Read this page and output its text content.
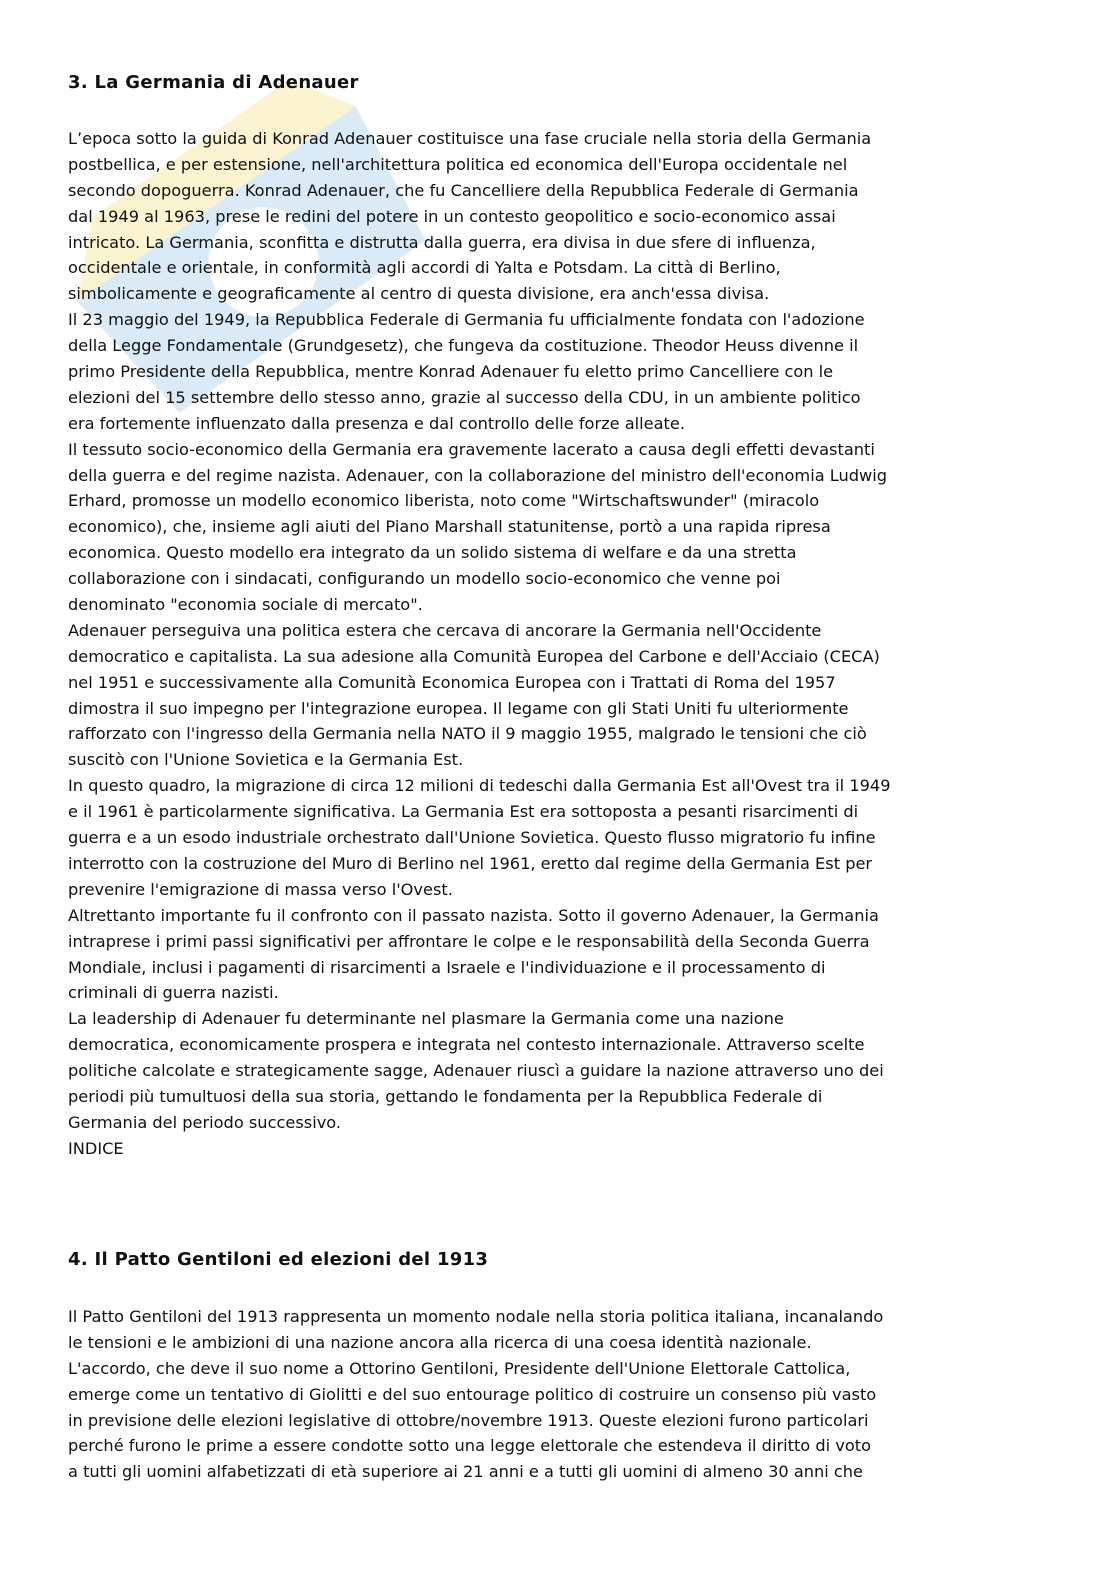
3. La Germania di Adenauer
L’epoca sotto la guida di Konrad Adenauer costituisce una fase cruciale nella storia della Germania
postbellica, e per estensione, nell'architettura politica ed economica dell'Europa occidentale nel
secondo dopoguerra. Konrad Adenauer, che fu Cancelliere della Repubblica Federale di Germania
dal 1949 al 1963, prese le redini del potere in un contesto geopolitico e socio-economico assai
intricato. La Germania, sconfitta e distrutta dalla guerra, era divisa in due sfere di influenza,
occidentale e orientale, in conformità agli accordi di Yalta e Potsdam. La città di Berlino,
simbolicamente e geograficamente al centro di questa divisione, era anch'essa divisa.
Il 23 maggio del 1949, la Repubblica Federale di Germania fu ufficialmente fondata con l'adozione
della Legge Fondamentale (Grundgesetz), che fungeva da costituzione. Theodor Heuss divenne il
primo Presidente della Repubblica, mentre Konrad Adenauer fu eletto primo Cancelliere con le
elezioni del 15 settembre dello stesso anno, grazie al successo della CDU, in un ambiente politico
era fortemente influenzato dalla presenza e dal controllo delle forze alleate.
Il tessuto socio-economico della Germania era gravemente lacerato a causa degli effetti devastanti
della guerra e del regime nazista. Adenauer, con la collaborazione del ministro dell'economia Ludwig
Erhard, promosse un modello economico liberista, noto come "Wirtschaftswunder" (miracolo
economico), che, insieme agli aiuti del Piano Marshall statunitense, portò a una rapida ripresa
economica. Questo modello era integrato da un solido sistema di welfare e da una stretta
collaborazione con i sindacati, configurando un modello socio-economico che venne poi
denominato "economia sociale di mercato".
Adenauer perseguiva una politica estera che cercava di ancorare la Germania nell'Occidente
democratico e capitalista. La sua adesione alla Comunità Europea del Carbone e dell'Acciaio (CECA)
nel 1951 e successivamente alla Comunità Economica Europea con i Trattati di Roma del 1957
dimostra il suo impegno per l'integrazione europea. Il legame con gli Stati Uniti fu ulteriormente
rafforzato con l'ingresso della Germania nella NATO il 9 maggio 1955, malgrado le tensioni che ciò
suscitò con l'Unione Sovietica e la Germania Est.
In questo quadro, la migrazione di circa 12 milioni di tedeschi dalla Germania Est all'Ovest tra il 1949
e il 1961 è particolarmente significativa. La Germania Est era sottoposta a pesanti risarcimenti di
guerra e a un esodo industriale orchestrato dall'Unione Sovietica. Questo flusso migratorio fu infine
interrotto con la costruzione del Muro di Berlino nel 1961, eretto dal regime della Germania Est per
prevenire l'emigrazione di massa verso l'Ovest.
Altrettanto importante fu il confronto con il passato nazista. Sotto il governo Adenauer, la Germania
intraprese i primi passi significativi per affrontare le colpe e le responsabilità della Seconda Guerra
Mondiale, inclusi i pagamenti di risarcimenti a Israele e l'individuazione e il processamento di
criminali di guerra nazisti.
La leadership di Adenauer fu determinante nel plasmare la Germania come una nazione
democratica, economicamente prospera e integrata nel contesto internazionale. Attraverso scelte
politiche calcolate e strategicamente sagge, Adenauer riuscì a guidare la nazione attraverso uno dei
periodi più tumultuosi della sua storia, gettando le fondamenta per la Repubblica Federale di
Germania del periodo successivo.
INDICE
4. Il Patto Gentiloni ed elezioni del 1913
Il Patto Gentiloni del 1913 rappresenta un momento nodale nella storia politica italiana, incanalando
le tensioni e le ambizioni di una nazione ancora alla ricerca di una coesa identità nazionale.
L'accordo, che deve il suo nome a Ottorino Gentiloni, Presidente dell'Unione Elettorale Cattolica,
emerge come un tentativo di Giolitti e del suo entourage politico di costruire un consenso più vasto
in previsione delle elezioni legislative di ottobre/novembre 1913. Queste elezioni furono particolari
perché furono le prime a essere condotte sotto una legge elettorale che estendeva il diritto di voto
a tutti gli uomini alfabetizzati di età superiore ai 21 anni e a tutti gli uomini di almeno 30 anni che
